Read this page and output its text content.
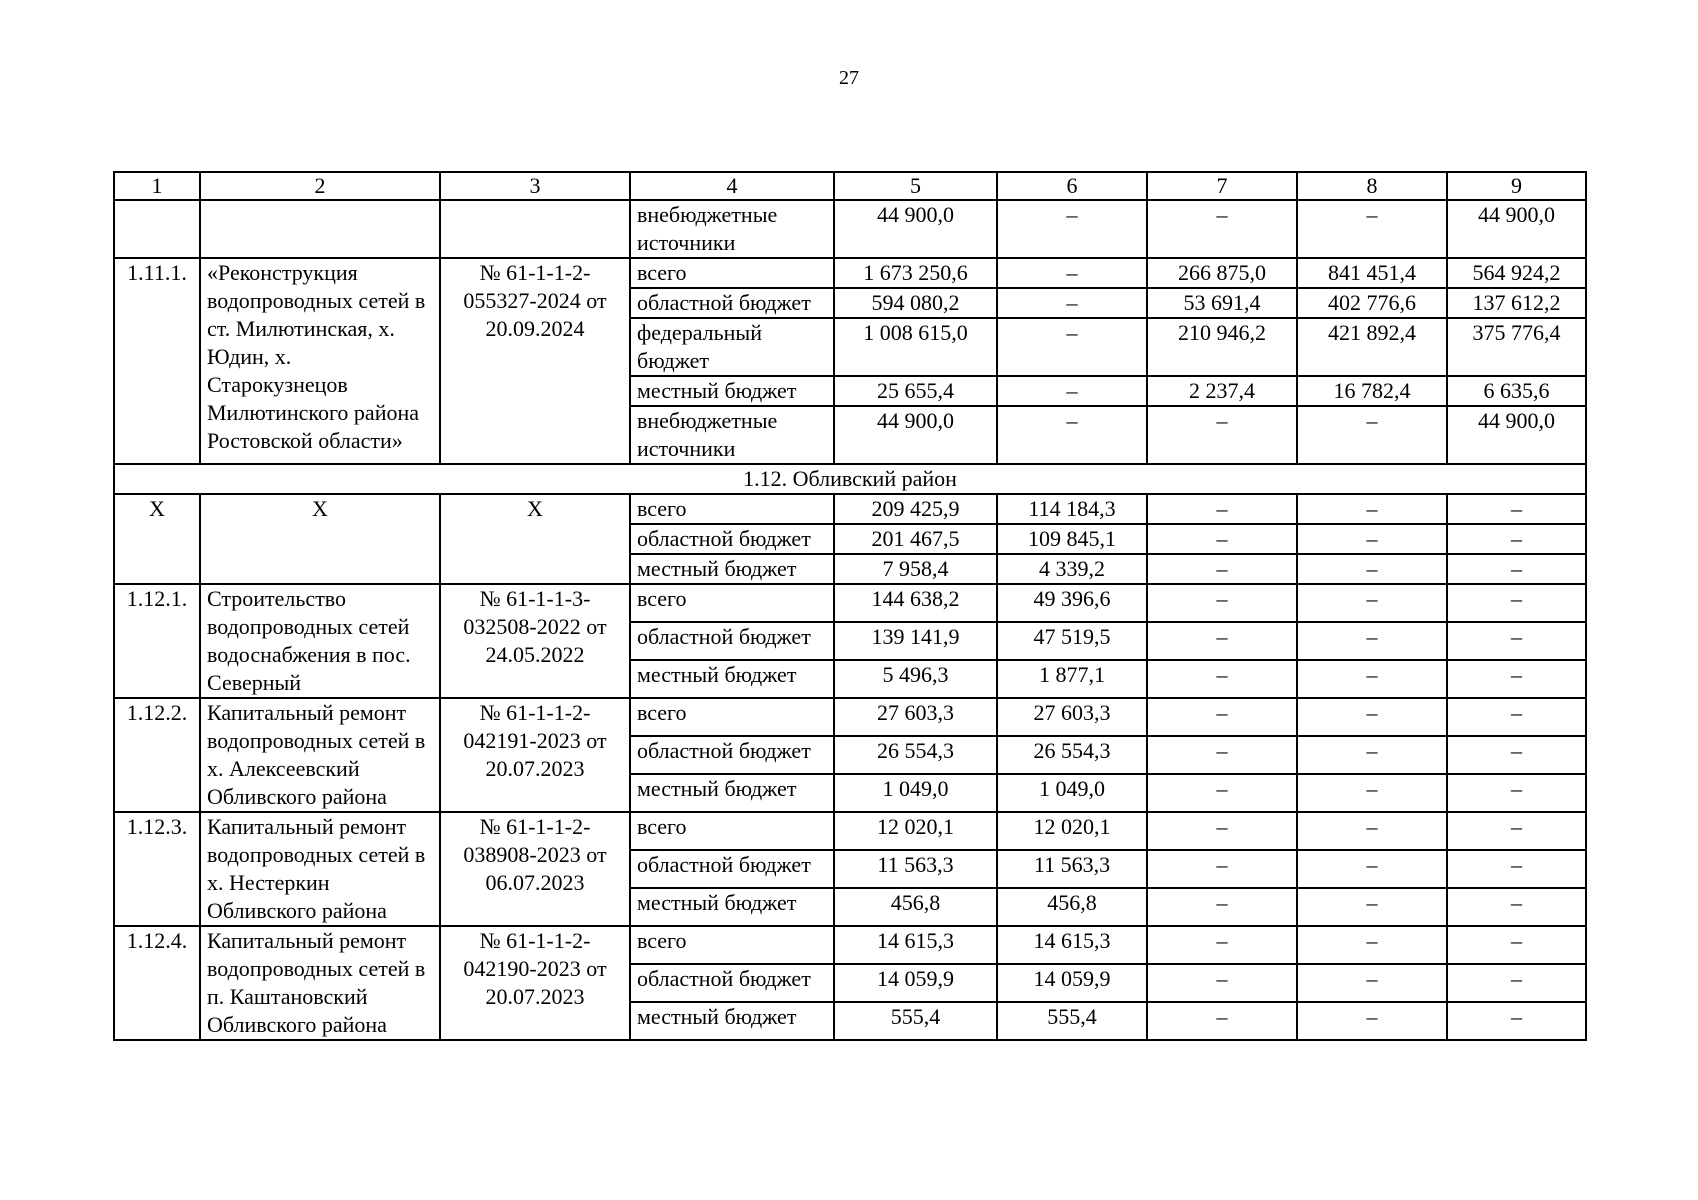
27
1	2	3	4	5	6	7	8	9
			внебюджетные источники	44 900,0	–	–	–	44 900,0
1.11.1.	«Реконструкция водопроводных сетей в ст. Милютинская, х. Юдин, х. Старокузнецов Милютинского района Ростовской области»	№ 61-1-1-2-055327-2024 от 20.09.2024	всего	1 673 250,6	–	266 875,0	841 451,4	564 924,2
			областной бюджет	594 080,2	–	53 691,4	402 776,6	137 612,2
			федеральный бюджет	1 008 615,0	–	210 946,2	421 892,4	375 776,4
			местный бюджет	25 655,4	–	2 237,4	16 782,4	6 635,6
			внебюджетные источники	44 900,0	–	–	–	44 900,0
1.12. Обливский район								
Х	Х	Х	всего	209 425,9	114 184,3	–	–	–
			областной бюджет	201 467,5	109 845,1	–	–	–
			местный бюджет	7 958,4	4 339,2	–	–	–
1.12.1.	Строительство водопроводных сетей водоснабжения в пос. Северный	№ 61-1-1-3-032508-2022 от 24.05.2022	всего	144 638,2	49 396,6	–	–	–
			областной бюджет	139 141,9	47 519,5	–	–	–
			местный бюджет	5 496,3	1 877,1	–	–	–
1.12.2.	Капитальный ремонт водопроводных сетей в х. Алексеевский Обливского района	№ 61-1-1-2-042191-2023 от 20.07.2023	всего	27 603,3	27 603,3	–	–	–
			областной бюджет	26 554,3	26 554,3	–	–	–
			местный бюджет	1 049,0	1 049,0	–	–	–
1.12.3.	Капитальный ремонт водопроводных сетей в х. Нестеркин Обливского района	№ 61-1-1-2-038908-2023 от 06.07.2023	всего	12 020,1	12 020,1	–	–	–
			областной бюджет	11 563,3	11 563,3	–	–	–
			местный бюджет	456,8	456,8	–	–	–
1.12.4.	Капитальный ремонт водопроводных сетей в п. Каштановский Обливского района	№ 61-1-1-2-042190-2023 от 20.07.2023	всего	14 615,3	14 615,3	–	–	–
			областной бюджет	14 059,9	14 059,9	–	–	–
			местный бюджет	555,4	555,4	–	–	–
